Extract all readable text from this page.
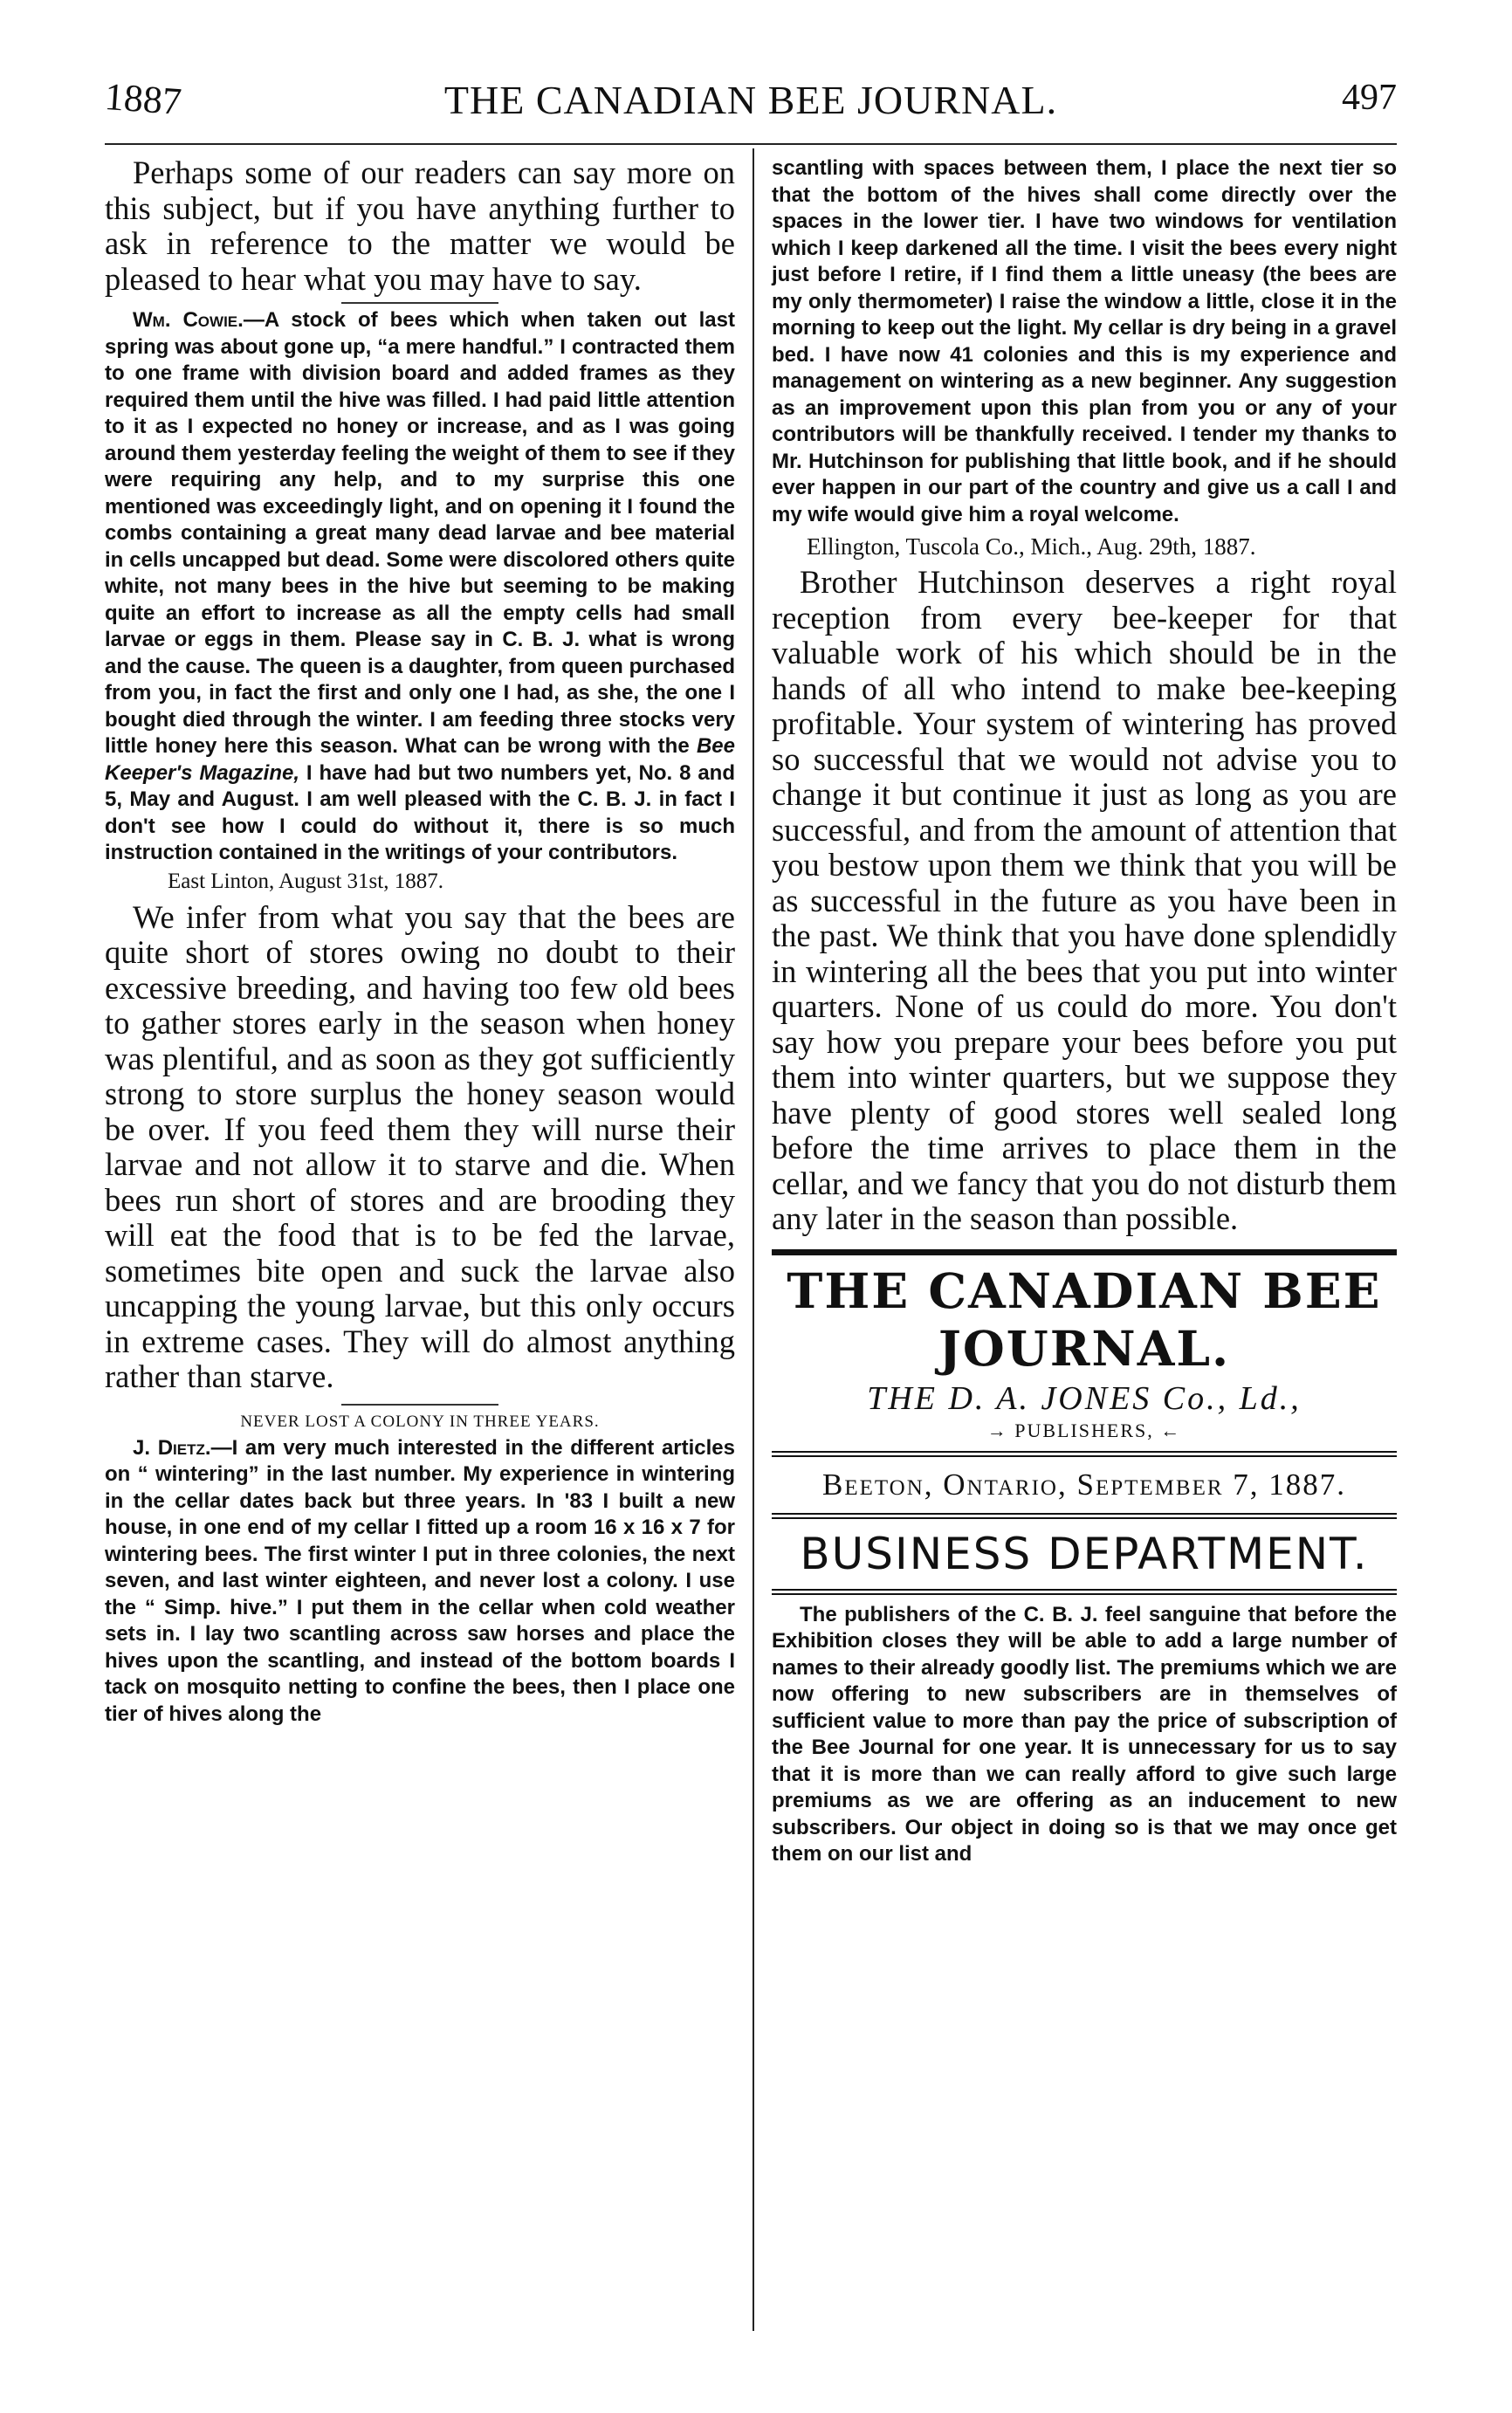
1887	THE CANADIAN BEE JOURNAL.	497

Perhaps some of our readers can say more on this subject, but if you have anything further to ask in reference to the matter we would be pleased to hear what you may have to say.

Wm. Cowie.—A stock of bees which when taken out last spring was about gone up, “a mere handful.” I contracted them to one frame with division board and added frames as they required them until the hive was filled. I had paid little attention to it as I expected no honey or increase, and as I was going around them yesterday feeling the weight of them to see if they were requiring any help, and to my surprise this one mentioned was exceedingly light, and on opening it I found the combs containing a great many dead larvae and bee material in cells uncapped but dead. Some were discolored others quite white, not many bees in the hive but seeming to be making quite an effort to increase as all the empty cells had small larvae or eggs in them. Please say in C. B. J. what is wrong and the cause. The queen is a daughter, from queen purchased from you, in fact the first and only one I had, as she, the one I bought died through the winter. I am feeding three stocks very little honey here this season. What can be wrong with the Bee Keeper's Magazine, I have had but two numbers yet, No. 8 and 5, May and August. I am well pleased with the C. B. J. in fact I don't see how I could do without it, there is so much instruction contained in the writings of your contributors.

East Linton, August 31st, 1887.

We infer from what you say that the bees are quite short of stores owing no doubt to their excessive breeding, and having too few old bees to gather stores early in the season when honey was plentiful, and as soon as they got sufficiently strong to store surplus the honey season would be over. If you feed them they will nurse their larvae and not allow it to starve and die. When bees run short of stores and are brooding they will eat the food that is to be fed the larvae, sometimes bite open and suck the larvae also uncapping the young larvae, but this only occurs in extreme cases. They will do almost anything rather than starve.

NEVER LOST A COLONY IN THREE YEARS.

J. Dietz.—I am very much interested in the different articles on “ wintering” in the last number. My experience in wintering in the cellar dates back but three years. In '83 I built a new house, in one end of my cellar I fitted up a room 16 x 16 x 7 for wintering bees. The first winter I put in three colonies, the next seven, and last winter eighteen, and never lost a colony. I use the “ Simp. hive.” I put them in the cellar when cold weather sets in. I lay two scantling across saw horses and place the hives upon the scantling, and instead of the bottom boards I tack on mosquito netting to confine the bees, then I place one tier of hives along the

scantling with spaces between them, I place the next tier so that the bottom of the hives shall come directly over the spaces in the lower tier. I have two windows for ventilation which I keep darkened all the time. I visit the bees every night just before I retire, if I find them a little uneasy (the bees are my only thermometer) I raise the window a little, close it in the morning to keep out the light. My cellar is dry being in a gravel bed. I have now 41 colonies and this is my experience and management on wintering as a new beginner. Any suggestion as an improvement upon this plan from you or any of your contributors will be thankfully received. I tender my thanks to Mr. Hutchinson for publishing that little book, and if he should ever happen in our part of the country and give us a call I and my wife would give him a royal welcome.

Ellington, Tuscola Co., Mich., Aug. 29th, 1887.

Brother Hutchinson deserves a right royal reception from every bee-keeper for that valuable work of his which should be in the hands of all who intend to make bee-keeping profitable. Your system of wintering has proved so successful that we would not advise you to change it but continue it just as long as you are successful, and from the amount of attention that you bestow upon them we think that you will be as successful in the future as you have been in the past. We think that you have done splendidly in wintering all the bees that you put into winter quarters. None of us could do more. You don't say how you prepare your bees before you put them into winter quarters, but we suppose they have plenty of good stores well sealed long before the time arrives to place them in the cellar, and we fancy that you do not disturb them any later in the season than possible.

THE CANADIAN BEE JOURNAL.
THE D. A. JONES Co., Ld.,
→ PUBLISHERS, ←
Beeton, Ontario, September 7, 1887.
BUSINESS DEPARTMENT.

The publishers of the C. B. J. feel sanguine that before the Exhibition closes they will be able to add a large number of names to their already goodly list. The premiums which we are now offering to new subscribers are in themselves of sufficient value to more than pay the price of subscription of the Bee Journal for one year. It is unnecessary for us to say that it is more than we can really afford to give such large premiums as we are offering as an inducement to new subscribers. Our object in doing so is that we may once get them on our list and
